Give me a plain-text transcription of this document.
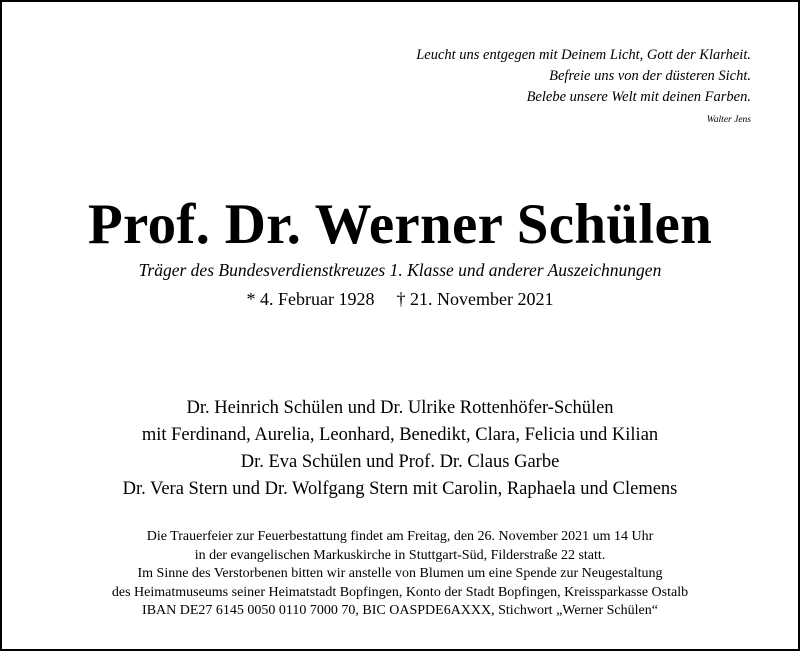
Leucht uns entgegen mit Deinem Licht, Gott der Klarheit.
Befreie uns von der düsteren Sicht.
Belebe unsere Welt mit deinen Farben.
Walter Jens
Prof. Dr. Werner Schülen
Träger des Bundesverdienstkreuzes 1. Klasse und anderer Auszeichnungen
* 4. Februar 1928 † 21. November 2021
Dr. Heinrich Schülen und Dr. Ulrike Rottenhöfer-Schülen
mit Ferdinand, Aurelia, Leonhard, Benedikt, Clara, Felicia und Kilian
Dr. Eva Schülen und Prof. Dr. Claus Garbe
Dr. Vera Stern und Dr. Wolfgang Stern mit Carolin, Raphaela und Clemens
Die Trauerfeier zur Feuerbestattung findet am Freitag, den 26. November 2021 um 14 Uhr
in der evangelischen Markuskirche in Stuttgart-Süd, Filderstraße 22 statt.
Im Sinne des Verstorbenen bitten wir anstelle von Blumen um eine Spende zur Neugestaltung
des Heimatmuseums seiner Heimatstadt Bopfingen, Konto der Stadt Bopfingen, Kreissparkasse Ostalb
IBAN DE27 6145 0050 0110 7000 70, BIC OASPDE6AXXX, Stichwort „Werner Schülen“
